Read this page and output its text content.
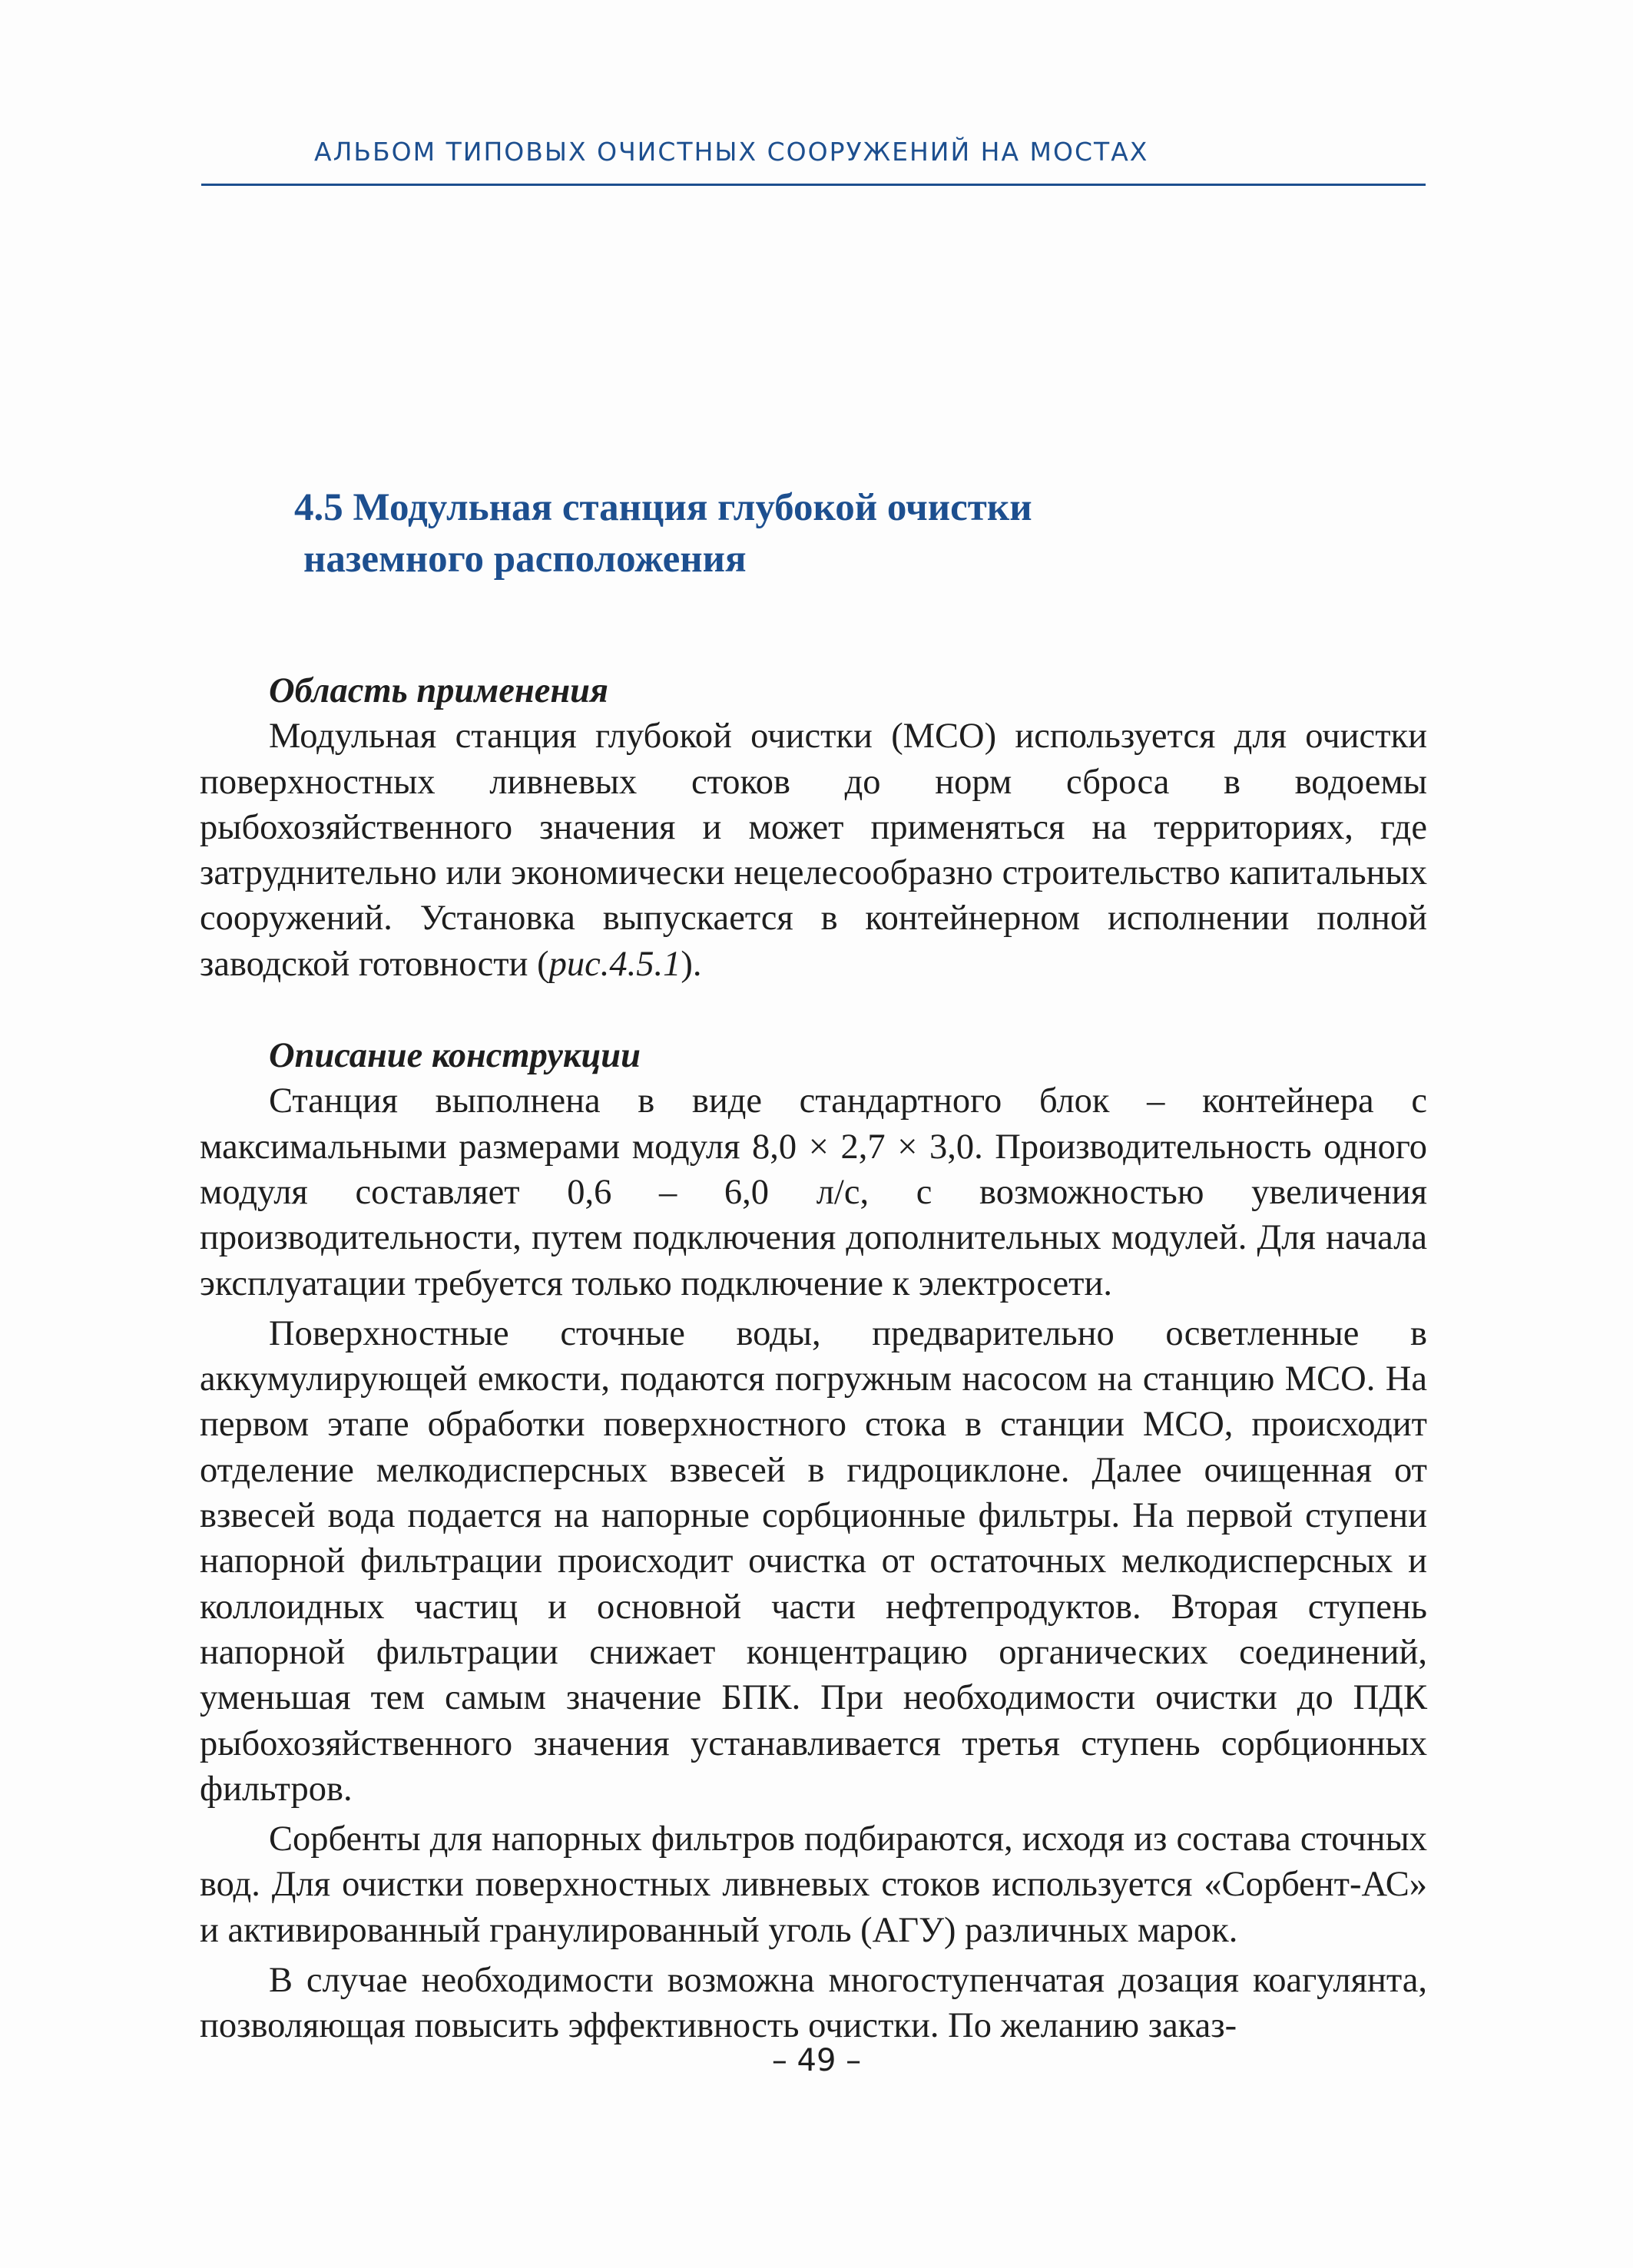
АЛЬБОМ ТИПОВЫХ ОЧИСТНЫХ СООРУЖЕНИЙ НА МОСТАХ
4.5 Модульная станция глубокой очистки
наземного расположения
Область применения

Модульная станция глубокой очистки (МСО) используется для очистки поверхностных ливневых стоков до норм сброса в водоемы рыбохозяйственного значения и может применяться на территориях, где затруднительно или экономически нецелесообразно строительство капитальных сооружений. Установка выпускается в контейнерном исполнении полной заводской готовности (рис.4.5.1).

Описание конструкции

Станция выполнена в виде стандартного блок – контейнера с максимальными размерами модуля 8,0 × 2,7 × 3,0. Производительность одного модуля составляет 0,6 – 6,0 л/с, с возможностью увеличения производительности, путем подключения дополнительных модулей. Для начала эксплуатации требуется только подключение к электросети.

Поверхностные сточные воды, предварительно осветленные в аккумулирующей емкости, подаются погружным насосом на станцию МСО. На первом этапе обработки поверхностного стока в станции МСО, происходит отделение мелкодисперсных взвесей в гидроциклоне. Далее очищенная от взвесей вода подается на напорные сорбционные фильтры. На первой ступени напорной фильтрации происходит очистка от остаточных мелкодисперсных и коллоидных частиц и основной части нефтепродуктов. Вторая ступень напорной фильтрации снижает концентрацию органических соединений, уменьшая тем самым значение БПК. При необходимости очистки до ПДК рыбохозяйственного значения устанавливается третья ступень сорбционных фильтров.

Сорбенты для напорных фильтров подбираются, исходя из состава сточных вод. Для очистки поверхностных ливневых стоков используется «Сорбент-АС» и активированный гранулированный уголь (АГУ) различных марок.

В случае необходимости возможна многоступенчатая дозация коагулянта, позволяющая повысить эффективность очистки. По желанию заказ-

– 49 –
